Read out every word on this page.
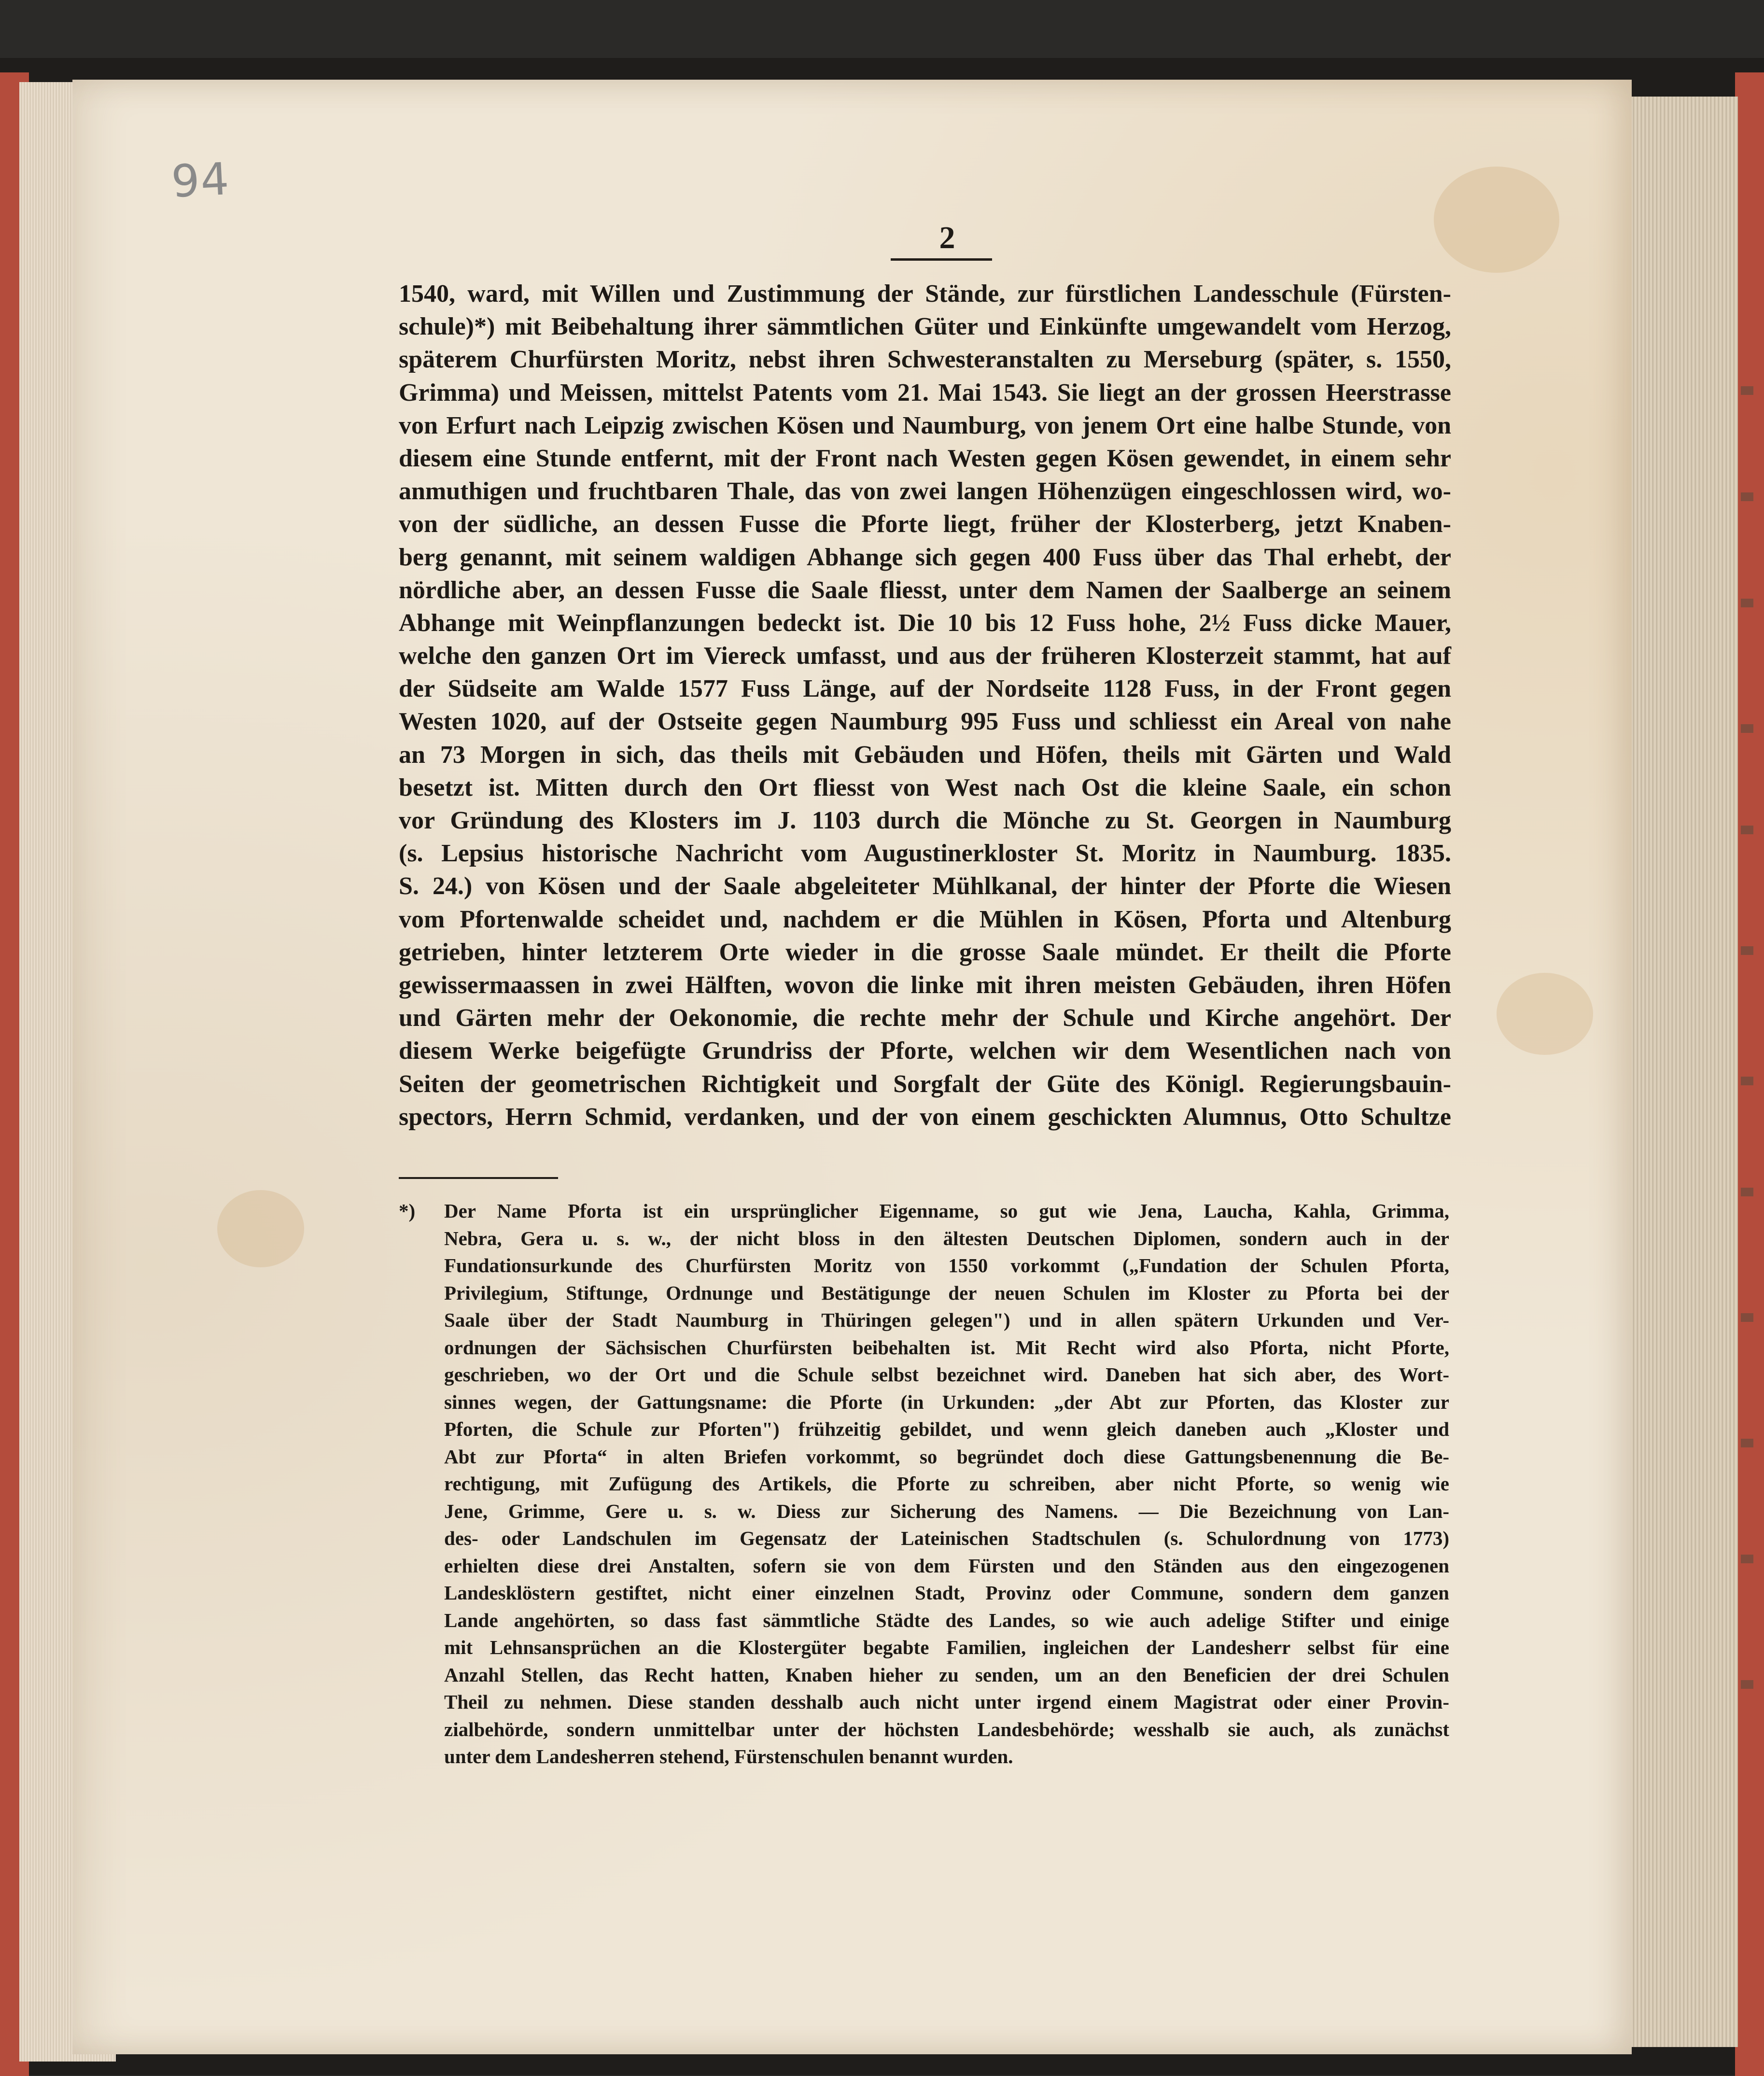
94
2
1540, ward, mit Willen und Zustimmung der Stände, zur fürstlichen Landesschule (Fürsten-
schule)*) mit Beibehaltung ihrer sämmtlichen Güter und Einkünfte umgewandelt vom Herzog,
späterem Churfürsten Moritz, nebst ihren Schwesteranstalten zu Merseburg (später, s. 1550,
Grimma) und Meissen, mittelst Patents vom 21. Mai 1543. Sie liegt an der grossen Heerstrasse
von Erfurt nach Leipzig zwischen Kösen und Naumburg, von jenem Ort eine halbe Stunde, von
diesem eine Stunde entfernt, mit der Front nach Westen gegen Kösen gewendet, in einem sehr
anmuthigen und fruchtbaren Thale, das von zwei langen Höhenzügen eingeschlossen wird, wo-
von der südliche, an dessen Fusse die Pforte liegt, früher der Klosterberg, jetzt Knaben-
berg genannt, mit seinem waldigen Abhange sich gegen 400 Fuss über das Thal erhebt, der
nördliche aber, an dessen Fusse die Saale fliesst, unter dem Namen der Saalberge an seinem
Abhange mit Weinpflanzungen bedeckt ist. Die 10 bis 12 Fuss hohe, 2½ Fuss dicke Mauer,
welche den ganzen Ort im Viereck umfasst, und aus der früheren Klosterzeit stammt, hat auf
der Südseite am Walde 1577 Fuss Länge, auf der Nordseite 1128 Fuss, in der Front gegen
Westen 1020, auf der Ostseite gegen Naumburg 995 Fuss und schliesst ein Areal von nahe
an 73 Morgen in sich, das theils mit Gebäuden und Höfen, theils mit Gärten und Wald
besetzt ist. Mitten durch den Ort fliesst von West nach Ost die kleine Saale, ein schon
vor Gründung des Klosters im J. 1103 durch die Mönche zu St. Georgen in Naumburg
(s. Lepsius historische Nachricht vom Augustinerkloster St. Moritz in Naumburg. 1835.
S. 24.) von Kösen und der Saale abgeleiteter Mühlkanal, der hinter der Pforte die Wiesen
vom Pfortenwalde scheidet und, nachdem er die Mühlen in Kösen, Pforta und Altenburg
getrieben, hinter letzterem Orte wieder in die grosse Saale mündet. Er theilt die Pforte
gewissermaassen in zwei Hälften, wovon die linke mit ihren meisten Gebäuden, ihren Höfen
und Gärten mehr der Oekonomie, die rechte mehr der Schule und Kirche angehört. Der
diesem Werke beigefügte Grundriss der Pforte, welchen wir dem Wesentlichen nach von
Seiten der geometrischen Richtigkeit und Sorgfalt der Güte des Königl. Regierungsbauin-
spectors, Herrn Schmid, verdanken, und der von einem geschickten Alumnus, Otto Schultze
*) Der Name Pforta ist ein ursprünglicher Eigenname, so gut wie Jena, Laucha, Kahla, Grimma,
Nebra, Gera u. s. w., der nicht bloss in den ältesten Deutschen Diplomen, sondern auch in der
Fundationsurkunde des Churfürsten Moritz von 1550 vorkommt („Fundation der Schulen Pforta,
Privilegium, Stiftunge, Ordnunge und Bestätigunge der neuen Schulen im Kloster zu Pforta bei der
Saale über der Stadt Naumburg in Thüringen gelegen") und in allen spätern Urkunden und Ver-
ordnungen der Sächsischen Churfürsten beibehalten ist. Mit Recht wird also Pforta, nicht Pforte,
geschrieben, wo der Ort und die Schule selbst bezeichnet wird. Daneben hat sich aber, des Wort-
sinnes wegen, der Gattungsname: die Pforte (in Urkunden: „der Abt zur Pforten, das Kloster zur
Pforten, die Schule zur Pforten") frühzeitig gebildet, und wenn gleich daneben auch „Kloster und
Abt zur Pforta“ in alten Briefen vorkommt, so begründet doch diese Gattungsbenennung die Be-
rechtigung, mit Zufügung des Artikels, die Pforte zu schreiben, aber nicht Pforte, so wenig wie
Jene, Grimme, Gere u. s. w. Diess zur Sicherung des Namens. — Die Bezeichnung von Lan-
des- oder Landschulen im Gegensatz der Lateinischen Stadtschulen (s. Schulordnung von 1773)
erhielten diese drei Anstalten, sofern sie von dem Fürsten und den Ständen aus den eingezogenen
Landesklöstern gestiftet, nicht einer einzelnen Stadt, Provinz oder Commune, sondern dem ganzen
Lande angehörten, so dass fast sämmtliche Städte des Landes, so wie auch adelige Stifter und einige
mit Lehnsansprüchen an die Klostergüter begabte Familien, ingleichen der Landesherr selbst für eine
Anzahl Stellen, das Recht hatten, Knaben hieher zu senden, um an den Beneficien der drei Schulen
Theil zu nehmen. Diese standen desshalb auch nicht unter irgend einem Magistrat oder einer Provin-
zialbehörde, sondern unmittelbar unter der höchsten Landesbehörde; wesshalb sie auch, als zunächst
unter dem Landesherren stehend, Fürstenschulen benannt wurden.
